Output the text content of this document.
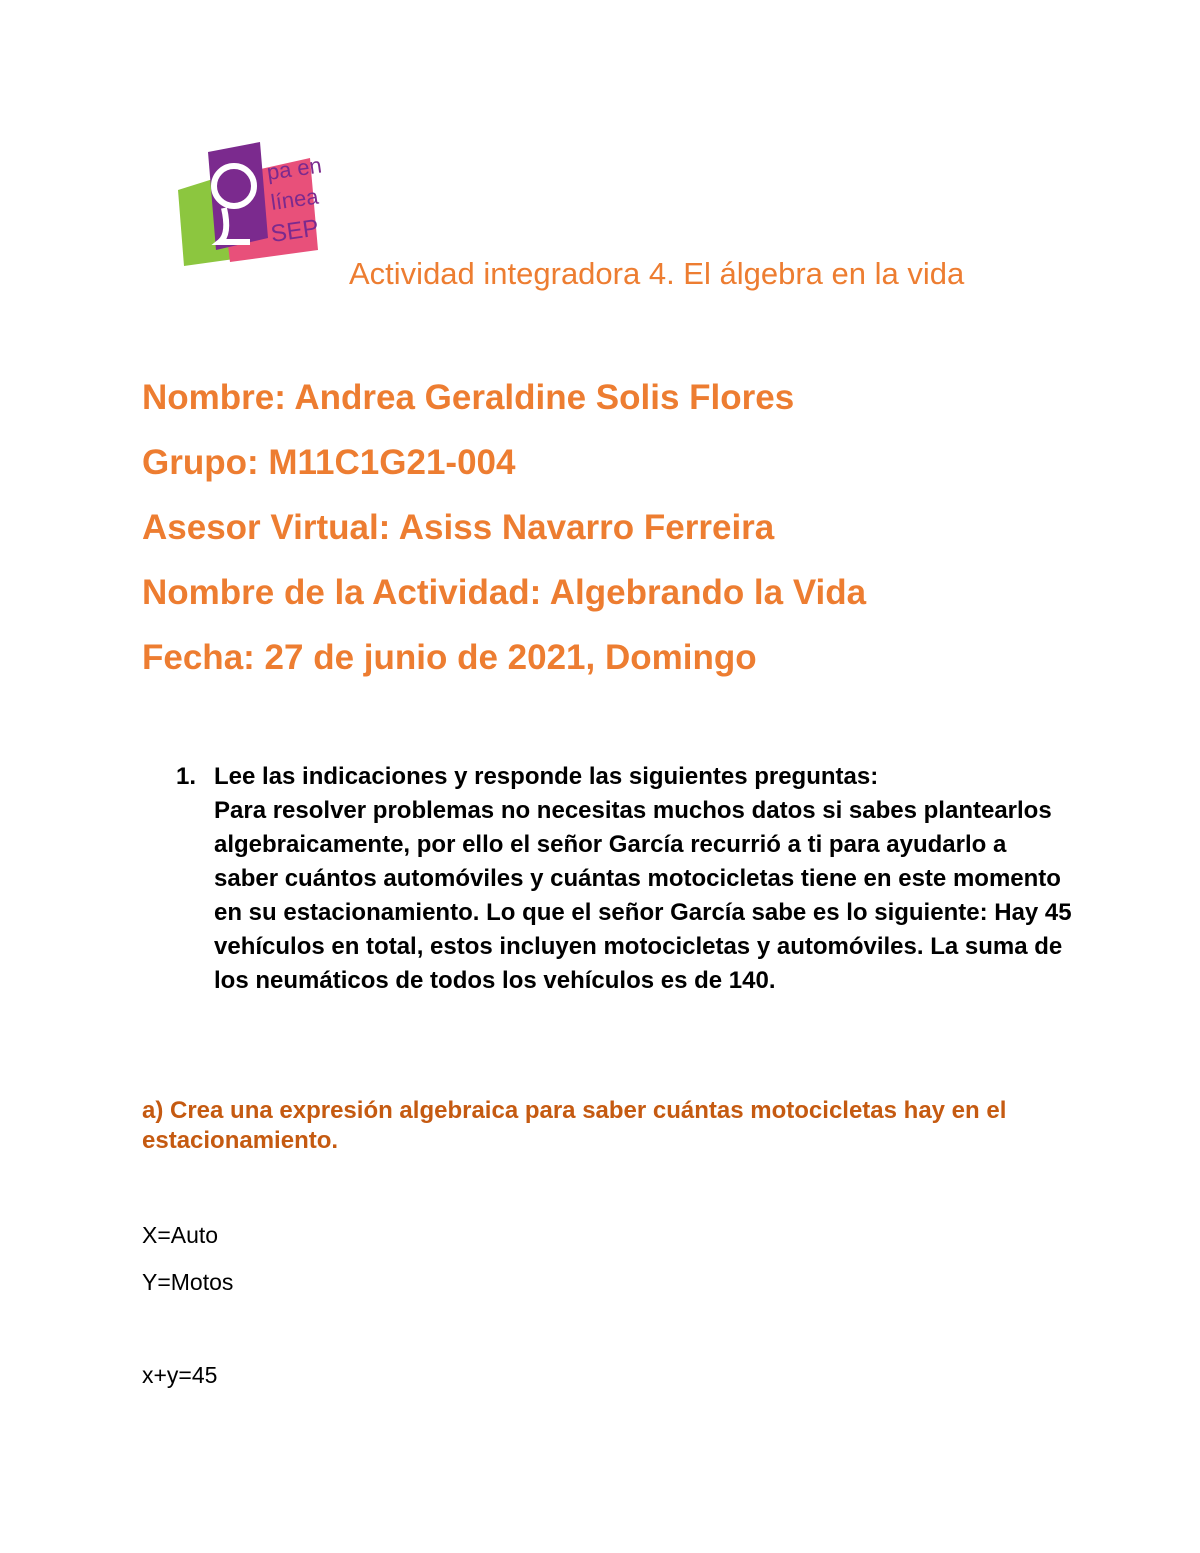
pa en
línea
SEP
Actividad integradora 4. El álgebra en la vida
Nombre: Andrea Geraldine Solis Flores
Grupo: M11C1G21-004
Asesor Virtual: Asiss Navarro Ferreira
Nombre de la Actividad: Algebrando la Vida
Fecha: 27 de junio de 2021, Domingo
1. Lee las indicaciones y responde las siguientes preguntas:
Para resolver problemas no necesitas muchos datos si sabes plantearlos algebraicamente, por ello el señor García recurrió a ti para ayudarlo a saber cuántos automóviles y cuántas motocicletas tiene en este momento en su estacionamiento. Lo que el señor García sabe es lo siguiente: Hay 45 vehículos en total, estos incluyen motocicletas y automóviles. La suma de los neumáticos de todos los vehículos es de 140.
a) Crea una expresión algebraica para saber cuántas motocicletas hay en el estacionamiento.
X=Auto
Y=Motos
x+y=45
